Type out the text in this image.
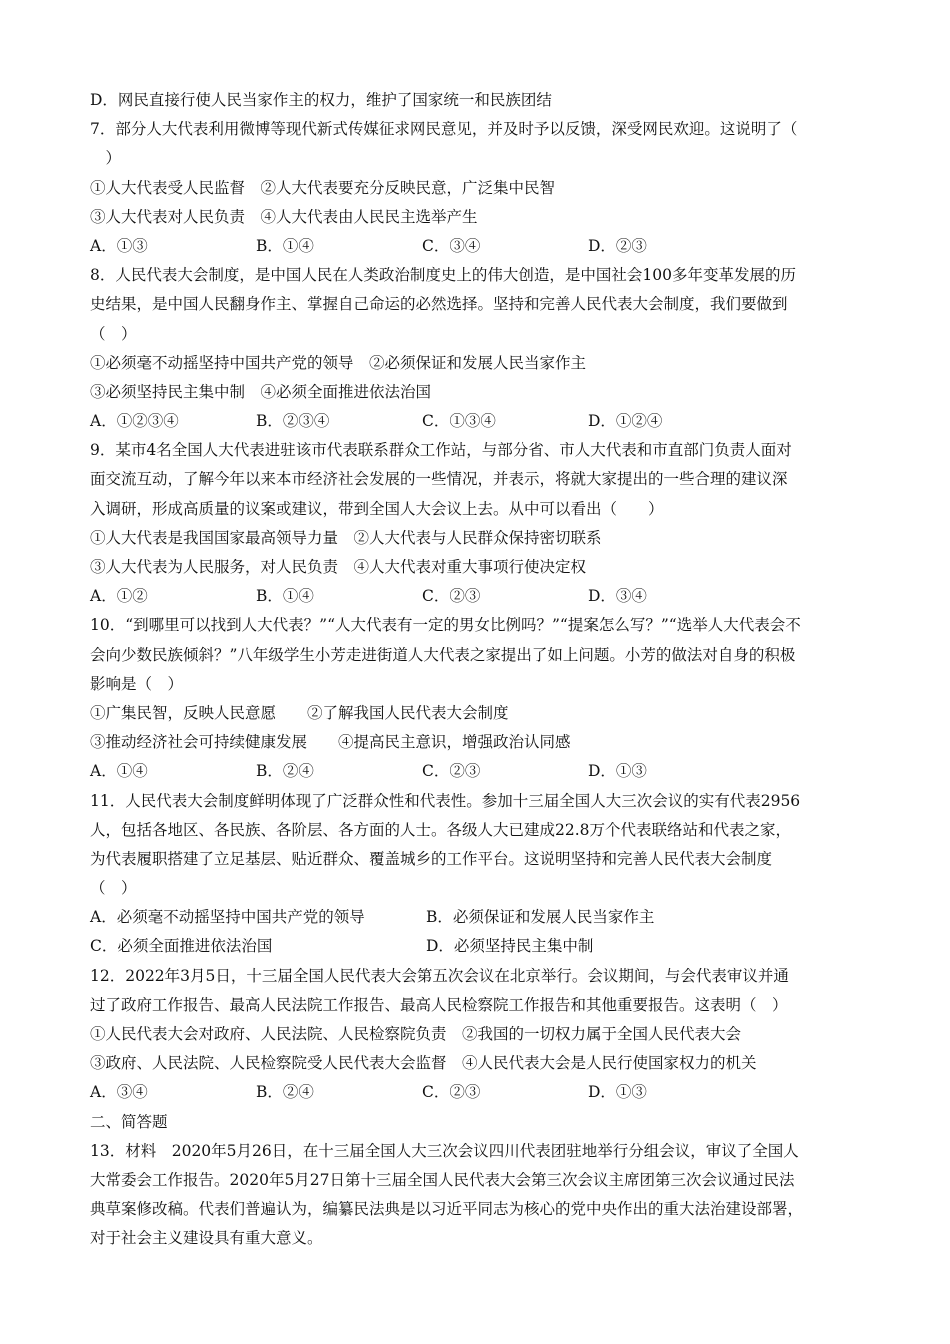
D．网民直接行使人民当家作主的权力，维护了国家统一和民族团结
7．部分人大代表利用微博等现代新式传媒征求网民意见，并及时予以反馈，深受网民欢迎。这说明了（
　）
①人大代表受人民监督　②人大代表要充分反映民意，广泛集中民智
③人大代表对人民负责　④人大代表由人民民主选举产生
A．①③	B．①④	C．③④	D．②③
8．人民代表大会制度，是中国人民在人类政治制度史上的伟大创造，是中国社会100多年变革发展的历
史结果，是中国人民翻身作主、掌握自己命运的必然选择。坚持和完善人民代表大会制度，我们要做到
（　）
①必须毫不动摇坚持中国共产党的领导　②必须保证和发展人民当家作主
③必须坚持民主集中制　④必须全面推进依法治国
A．①②③④	B．②③④	C．①③④	D．①②④
9．某市4名全国人大代表进驻该市代表联系群众工作站，与部分省、市人大代表和市直部门负责人面对
面交流互动，了解今年以来本市经济社会发展的一些情况，并表示，将就大家提出的一些合理的建议深
入调研，形成高质量的议案或建议，带到全国人大会议上去。从中可以看出（　　）
①人大代表是我国国家最高领导力量　②人大代表与人民群众保持密切联系
③人大代表为人民服务，对人民负责　④人大代表对重大事项行使决定权
A．①②	B．①④	C．②③	D．③④
10．“到哪里可以找到人大代表？”“人大代表有一定的男女比例吗？”“提案怎么写？”“选举人大代表会不
会向少数民族倾斜？”八年级学生小芳走进街道人大代表之家提出了如上问题。小芳的做法对自身的积极
影响是（　）
①广集民智，反映人民意愿　　②了解我国人民代表大会制度
③推动经济社会可持续健康发展　　④提高民主意识，增强政治认同感
A．①④	B．②④	C．②③	D．①③
11．人民代表大会制度鲜明体现了广泛群众性和代表性。参加十三届全国人大三次会议的实有代表2956
人，包括各地区、各民族、各阶层、各方面的人士。各级人大已建成22.8万个代表联络站和代表之家，
为代表履职搭建了立足基层、贴近群众、覆盖城乡的工作平台。这说明坚持和完善人民代表大会制度
（　）
A．必须毫不动摇坚持中国共产党的领导	B．必须保证和发展人民当家作主
C．必须全面推进依法治国	D．必须坚持民主集中制
12．2022年3月5日，十三届全国人民代表大会第五次会议在北京举行。会议期间，与会代表审议并通
过了政府工作报告、最高人民法院工作报告、最高人民检察院工作报告和其他重要报告。这表明（　）
①人民代表大会对政府、人民法院、人民检察院负责　②我国的一切权力属于全国人民代表大会
③政府、人民法院、人民检察院受人民代表大会监督　④人民代表大会是人民行使国家权力的机关
A．③④	B．②④	C．②③	D．①③
二、简答题
13．材料　2020年5月26日，在十三届全国人大三次会议四川代表团驻地举行分组会议，审议了全国人
大常委会工作报告。2020年5月27日第十三届全国人民代表大会第三次会议主席团第三次会议通过民法
典草案修改稿。代表们普遍认为，编纂民法典是以习近平同志为核心的党中央作出的重大法治建设部署，
对于社会主义建设具有重大意义。
